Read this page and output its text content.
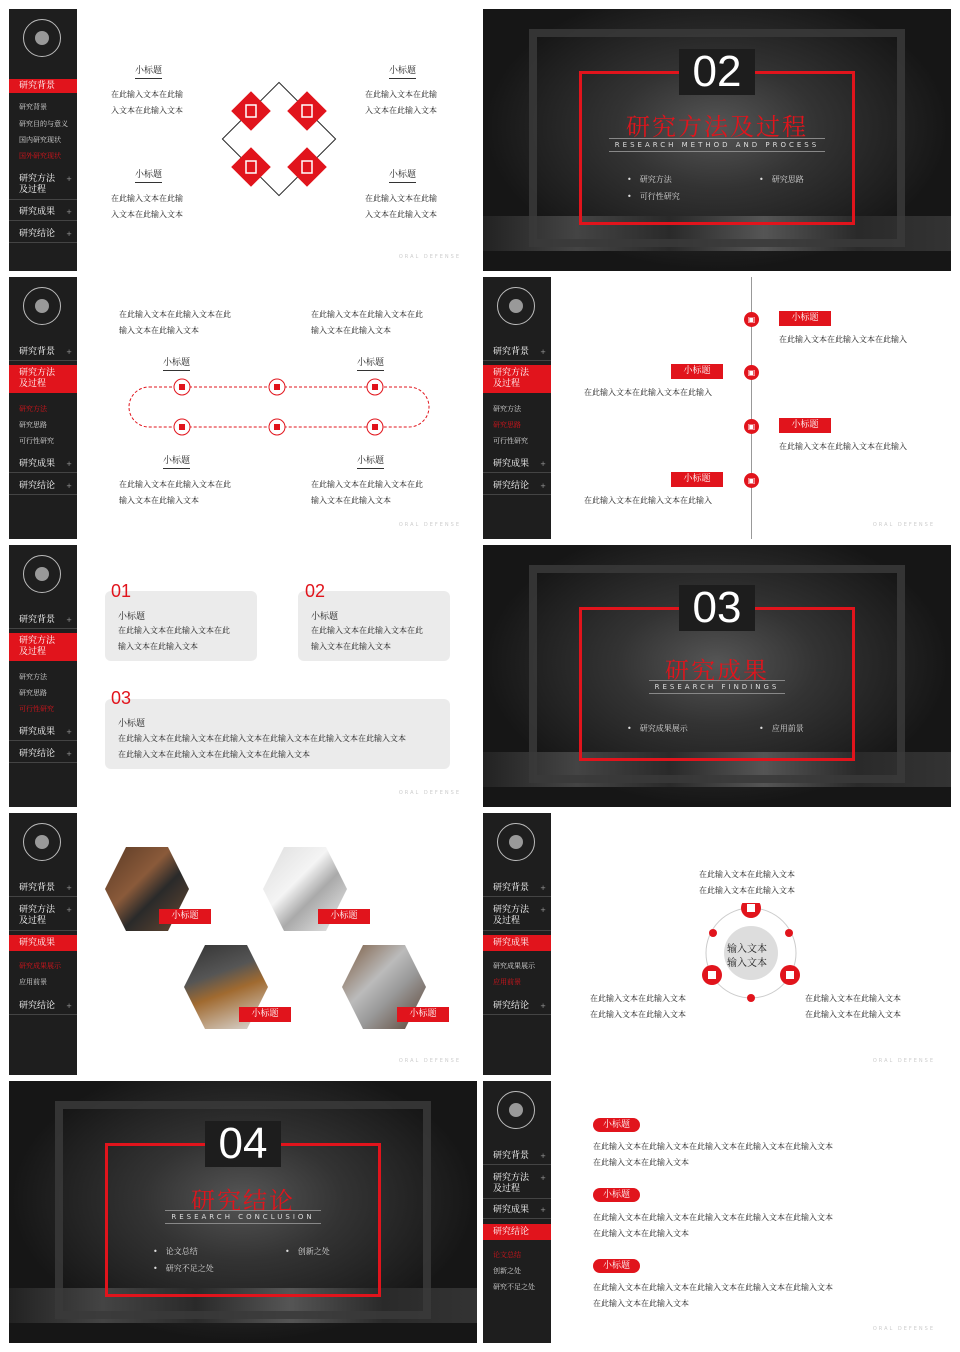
研究背景
研究背景
研究目的与意义
国内研究现状
国外研究现状
研究方法
及过程 +
研究成果 +
研究结论 +
小标题
在此输入文本在此输
入文本在此输入文本
小标题
在此输入文本在此输
入文本在此输入文本
小标题
在此输入文本在此输
入文本在此输入文本
小标题
在此输入文本在此输
入文本在此输入文本
ORAL DEFENSE
02
研究方法及过程
RESEARCH METHOD AND PROCESS
• 研究方法
• 可行性研究
• 研究思路
研究背景 +
研究方法
及过程
研究方法
研究思路
可行性研究
研究成果 +
研究结论 +
在此输入文本在此输入文本在此
输入文本在此输入文本
在此输入文本在此输入文本在此
输入文本在此输入文本
小标题	小标题
小标题	小标题
在此输入文本在此输入文本在此
输入文本在此输入文本
在此输入文本在此输入文本在此
输入文本在此输入文本
ORAL DEFENSE
研究背景 +
研究方法
及过程
研究方法
研究思路
可行性研究
研究成果 +
研究结论 +
▣
▣
▣
▣
小标题
在此输入文本在此输入文本在此输入
小标题
在此输入文本在此输入文本在此输入
小标题
在此输入文本在此输入文本在此输入
小标题
在此输入文本在此输入文本在此输入
ORAL DEFENSE
研究背景 +
研究方法
及过程
研究方法
研究思路
可行性研究
研究成果 +
研究结论 +
01	02
03
小标题
在此输入文本在此输入文本在此
输入文本在此输入文本
小标题
在此输入文本在此输入文本在此
输入文本在此输入文本
小标题
在此输入文本在此输入文本在此输入文本在此输入文本在此输入文本在此输入文本
在此输入文本在此输入文本在此输入文本在此输入文本
ORAL DEFENSE
03
研究成果
RESEARCH FINDINGS
• 研究成果展示
•	应用前景
研究背景 +
研究方法
及过程 +
研究成果
研究成果展示
应用前景
研究结论 +
小标题	小标题
小标题	小标题
ORAL DEFENSE
研究背景 +
研究方法
及过程 +
研究成果
研究成果展示
应用前景
研究结论 +
在此输入文本在此输入文本
在此输入文本在此输入文本
输入文本
输入文本
在此输入文本在此输入文本
在此输入文本在此输入文本
在此输入文本在此输入文本
在此输入文本在此输入文本
ORAL DEFENSE
04
研究结论
RESEARCH CONCLUSION
• 论文总结
• 研究不足之处
• 创新之处
研究背景 +
研究方法
及过程 +
研究成果 +
研究结论
论文总结
创新之处
研究不足之处
小标题
在此输入文本在此输入文本在此输入文本在此输入文本在此输入文本
在此输入文本在此输入文本
小标题
在此输入文本在此输入文本在此输入文本在此输入文本在此输入文本
在此输入文本在此输入文本
小标题
在此输入文本在此输入文本在此输入文本在此输入文本在此输入文本
在此输入文本在此输入文本
ORAL DEFENSE
